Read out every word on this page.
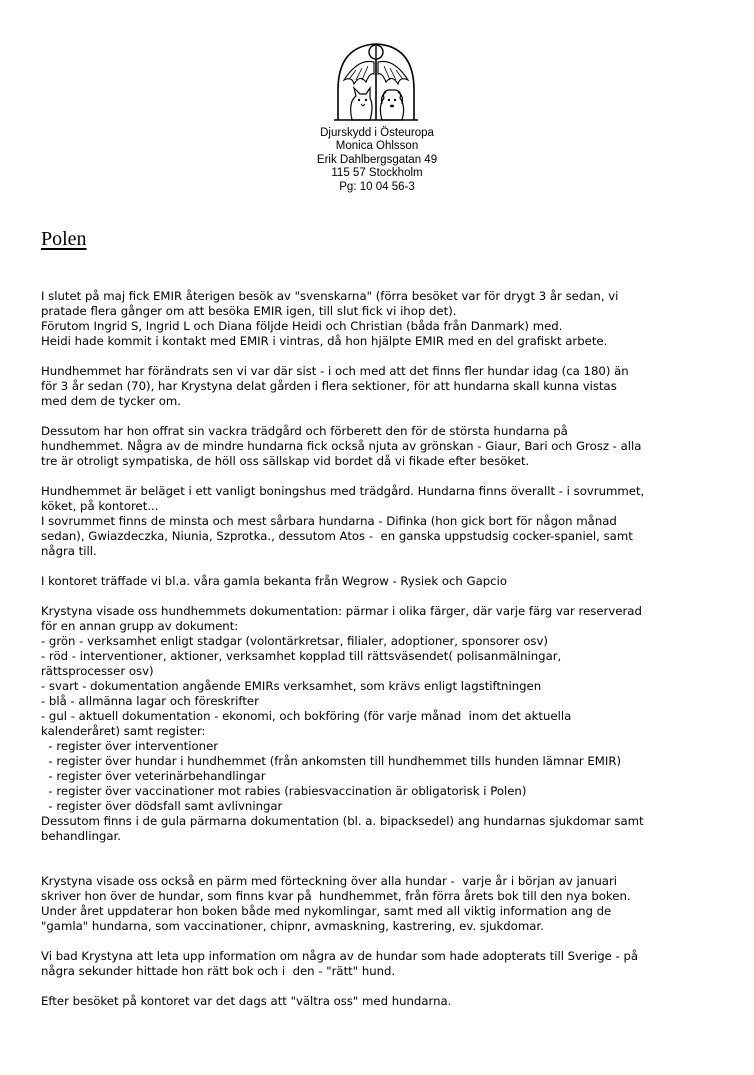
Djurskydd i Östeuropa
Monica Ohlsson
Erik Dahlbergsgatan 49
115 57 Stockholm
Pg: 10 04 56-3
Polen
I slutet på maj fick EMIR återigen besök av "svenskarna" (förra besöket var för drygt 3 år sedan, vi
pratade flera gånger om att besöka EMIR igen, till slut fick vi ihop det).
Förutom Ingrid S, Ingrid L och Diana följde Heidi och Christian (båda från Danmark) med.
Heidi hade kommit i kontakt med EMIR i vintras, då hon hjälpte EMIR med en del grafiskt arbete.
Hundhemmet har förändrats sen vi var där sist - i och med att det finns fler hundar idag (ca 180) än
för 3 år sedan (70), har Krystyna delat gården i flera sektioner, för att hundarna skall kunna vistas
med dem de tycker om.
Dessutom har hon offrat sin vackra trädgård och förberett den för de största hundarna på
hundhemmet. Några av de mindre hundarna fick också njuta av grönskan - Giaur, Bari och Grosz - alla
tre är otroligt sympatiska, de höll oss sällskap vid bordet då vi fikade efter besöket.
Hundhemmet är beläget i ett vanligt boningshus med trädgård. Hundarna finns överallt - i sovrummet,
köket, på kontoret...
I sovrummet finns de minsta och mest sårbara hundarna - Difinka (hon gick bort för någon månad
sedan), Gwiazdeczka, Niunia, Szprotka., dessutom Atos -  en ganska uppstudsig cocker-spaniel, samt
några till.
I kontoret träffade vi bl.a. våra gamla bekanta från Wegrow - Rysiek och Gapcio
Krystyna visade oss hundhemmets dokumentation: pärmar i olika färger, där varje färg var reserverad
för en annan grupp av dokument:
- grön - verksamhet enligt stadgar (volontärkretsar, filialer, adoptioner, sponsorer osv)
- röd - interventioner, aktioner, verksamhet kopplad till rättsväsendet( polisanmälningar,
rättsprocesser osv)
- svart - dokumentation angående EMIRs verksamhet, som krävs enligt lagstiftningen
- blå - allmänna lagar och föreskrifter
- gul - aktuell dokumentation - ekonomi, och bokföring (för varje månad  inom det aktuella
kalenderåret) samt register:
- register över interventioner
- register över hundar i hundhemmet (från ankomsten till hundhemmet tills hunden lämnar EMIR)
- register över veterinärbehandlingar
- register över vaccinationer mot rabies (rabiesvaccination är obligatorisk i Polen)
- register över dödsfall samt avlivningar
Dessutom finns i de gula pärmarna dokumentation (bl. a. bipacksedel) ang hundarnas sjukdomar samt
behandlingar.
Krystyna visade oss också en pärm med förteckning över alla hundar -  varje år i början av januari
skriver hon över de hundar, som finns kvar på  hundhemmet, från förra årets bok till den nya boken.
Under året uppdaterar hon boken både med nykomlingar, samt med all viktig information ang de
"gamla" hundarna, som vaccinationer, chipnr, avmaskning, kastrering, ev. sjukdomar.
Vi bad Krystyna att leta upp information om några av de hundar som hade adopterats till Sverige - på
några sekunder hittade hon rätt bok och i  den - "rätt" hund.
Efter besöket på kontoret var det dags att "vältra oss" med hundarna.
